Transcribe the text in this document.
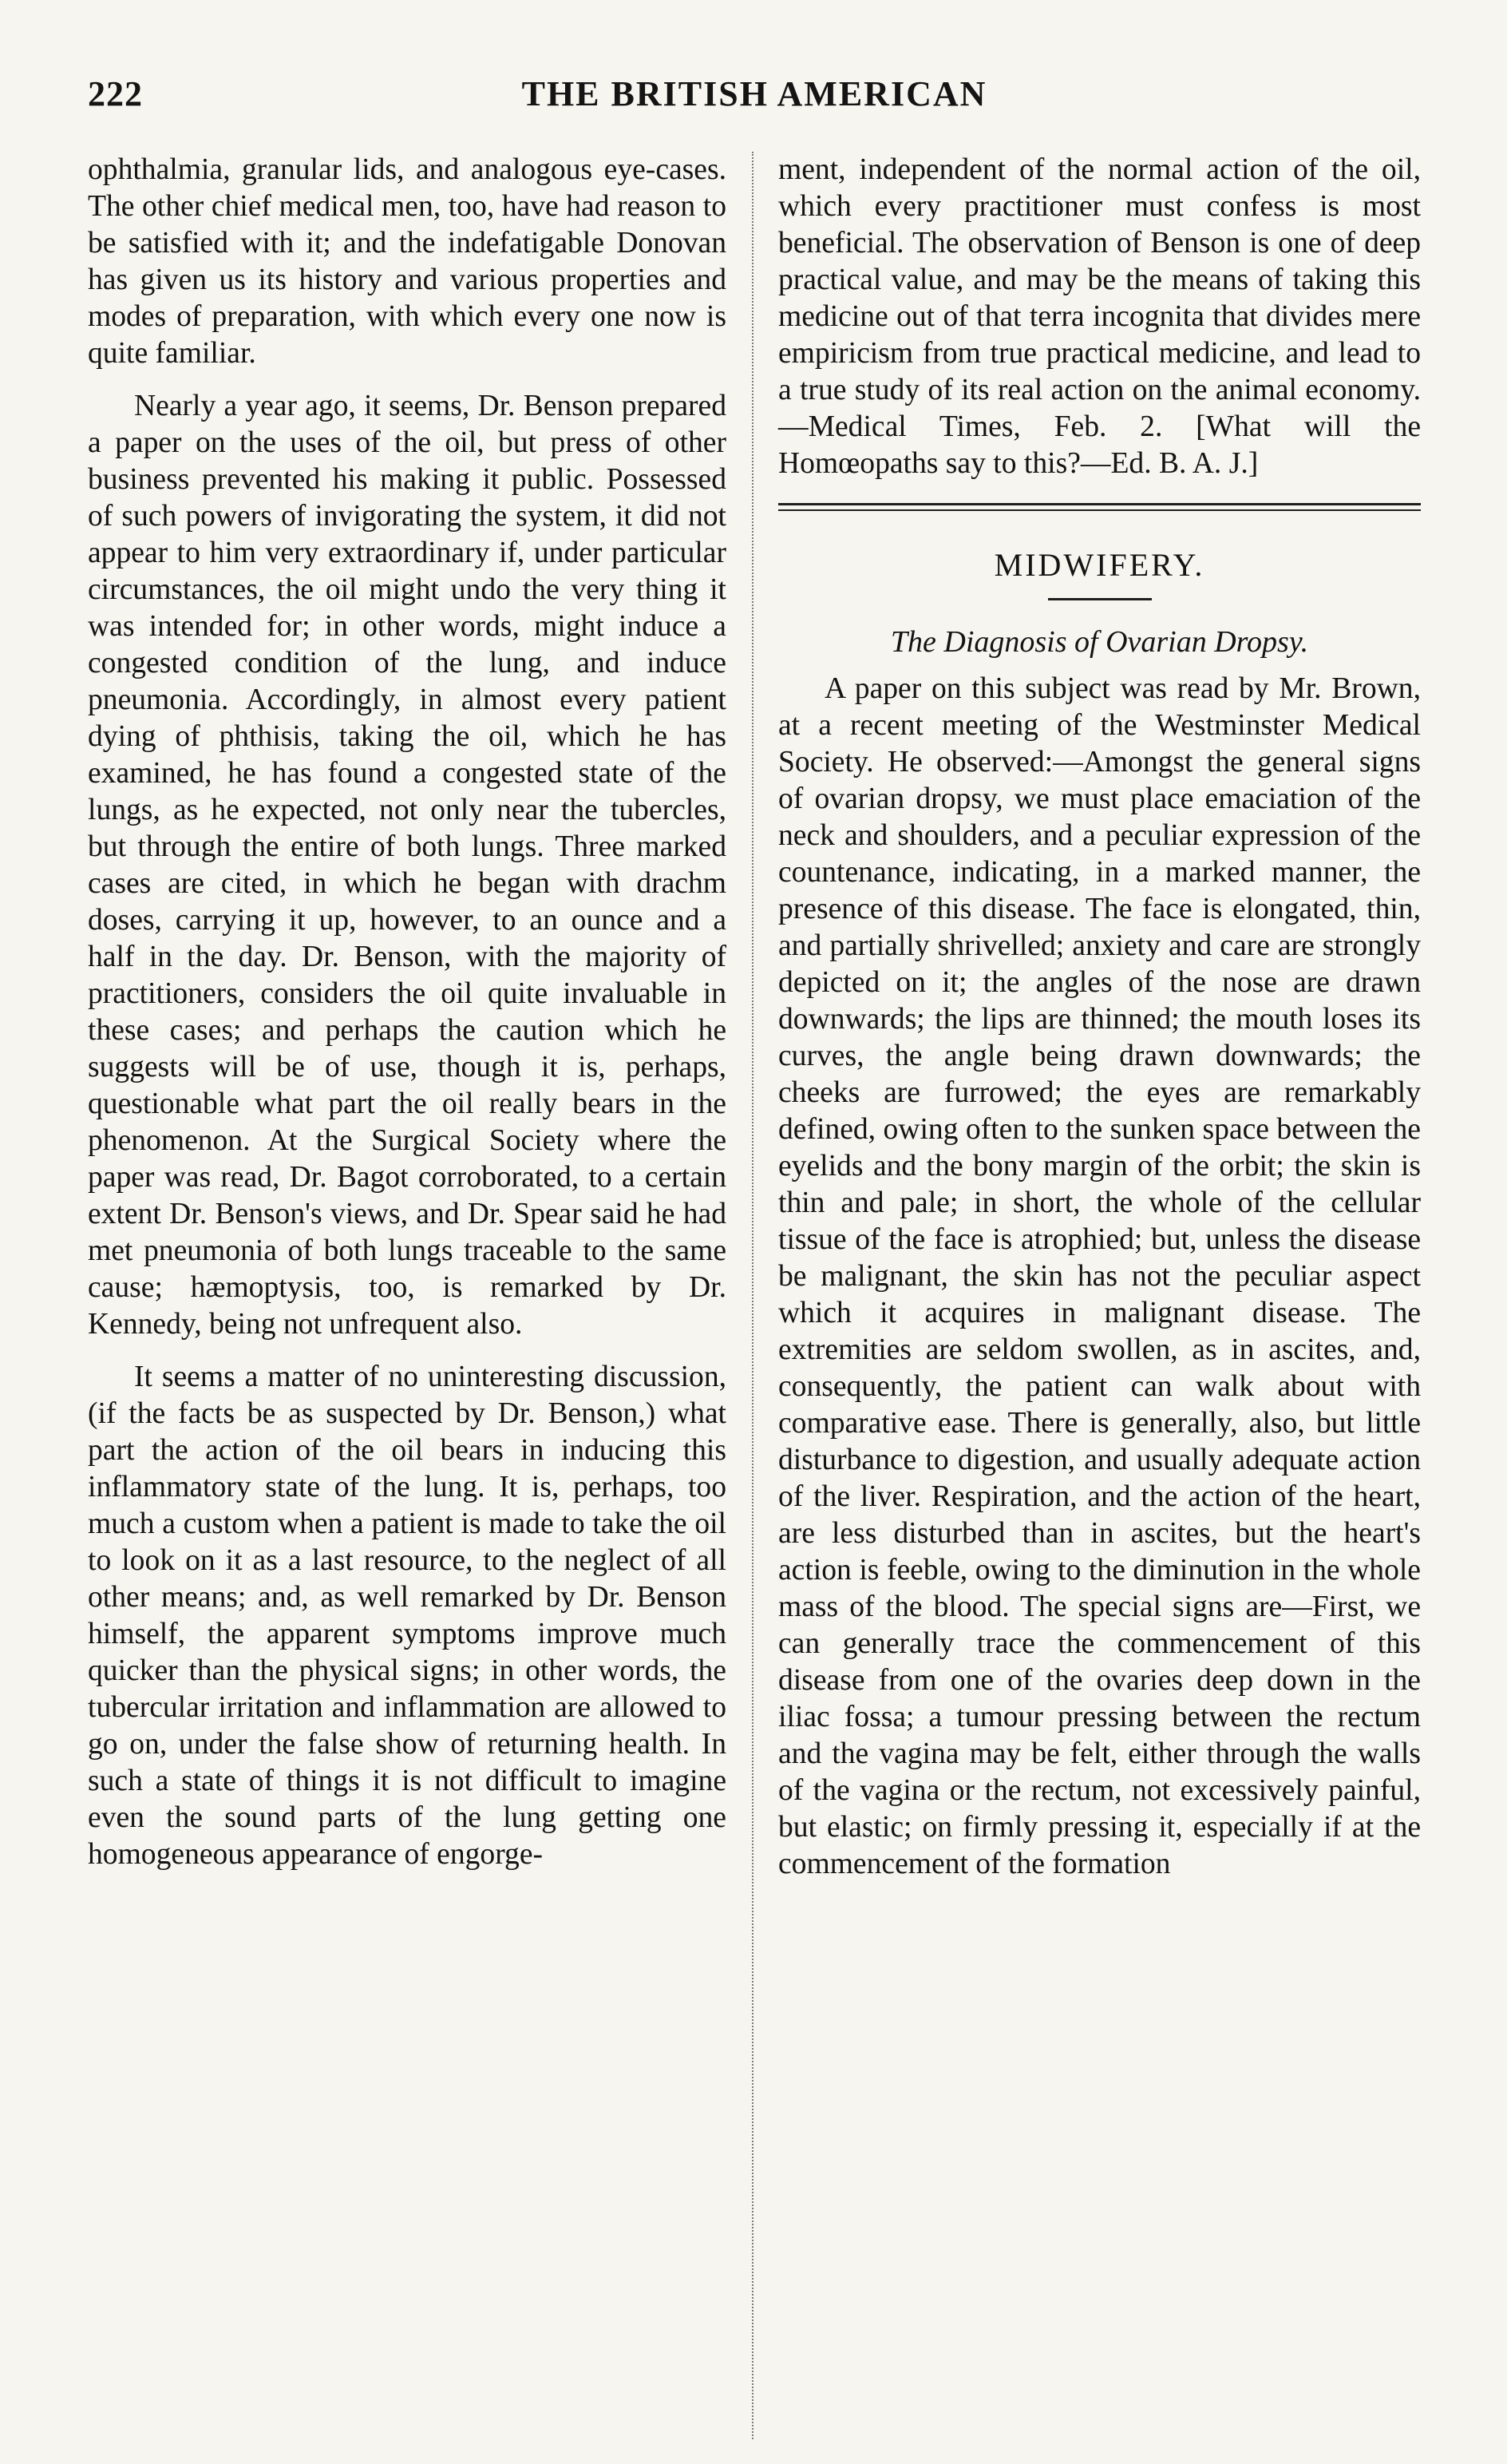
222	THE BRITISH AMERICAN

ophthalmia, granular lids, and analogous eye-cases. The other chief medical men, too, have had reason to be satisfied with it; and the indefatigable Donovan has given us its history and various properties and modes of preparation, with which every one now is quite familiar.

Nearly a year ago, it seems, Dr. Benson prepared a paper on the uses of the oil, but press of other business prevented his making it public. Possessed of such powers of invigorating the system, it did not appear to him very extraordinary if, under particular circumstances, the oil might undo the very thing it was intended for; in other words, might induce a congested condition of the lung, and induce pneumonia. Accordingly, in almost every patient dying of phthisis, taking the oil, which he has examined, he has found a congested state of the lungs, as he expected, not only near the tubercles, but through the entire of both lungs. Three marked cases are cited, in which he began with drachm doses, carrying it up, however, to an ounce and a half in the day. Dr. Benson, with the majority of practitioners, considers the oil quite invaluable in these cases; and perhaps the caution which he suggests will be of use, though it is, perhaps, questionable what part the oil really bears in the phenomenon. At the Surgical Society where the paper was read, Dr. Bagot corroborated, to a certain extent Dr. Benson's views, and Dr. Spear said he had met pneumonia of both lungs traceable to the same cause; hæmoptysis, too, is remarked by Dr. Kennedy, being not unfrequent also.

It seems a matter of no uninteresting discussion, (if the facts be as suspected by Dr. Benson,) what part the action of the oil bears in inducing this inflammatory state of the lung. It is, perhaps, too much a custom when a patient is made to take the oil to look on it as a last resource, to the neglect of all other means; and, as well remarked by Dr. Benson himself, the apparent symptoms improve much quicker than the physical signs; in other words, the tubercular irritation and inflammation are allowed to go on, under the false show of returning health. In such a state of things it is not difficult to imagine even the sound parts of the lung getting one homogeneous appearance of engorge-

ment, independent of the normal action of the oil, which every practitioner must confess is most beneficial. The observation of Benson is one of deep practical value, and may be the means of taking this medicine out of that terra incognita that divides mere empiricism from true practical medicine, and lead to a true study of its real action on the animal economy.—Medical Times, Feb. 2. [What will the Homœopaths say to this?—Ed. B. A. J.]

MIDWIFERY.
The Diagnosis of Ovarian Dropsy.

A paper on this subject was read by Mr. Brown, at a recent meeting of the Westminster Medical Society. He observed:—Amongst the general signs of ovarian dropsy, we must place emaciation of the neck and shoulders, and a peculiar expression of the countenance, indicating, in a marked manner, the presence of this disease. The face is elongated, thin, and partially shrivelled; anxiety and care are strongly depicted on it; the angles of the nose are drawn downwards; the lips are thinned; the mouth loses its curves, the angle being drawn downwards; the cheeks are furrowed; the eyes are remarkably defined, owing often to the sunken space between the eyelids and the bony margin of the orbit; the skin is thin and pale; in short, the whole of the cellular tissue of the face is atrophied; but, unless the disease be malignant, the skin has not the peculiar aspect which it acquires in malignant disease. The extremities are seldom swollen, as in ascites, and, consequently, the patient can walk about with comparative ease. There is generally, also, but little disturbance to digestion, and usually adequate action of the liver. Respiration, and the action of the heart, are less disturbed than in ascites, but the heart's action is feeble, owing to the diminution in the whole mass of the blood. The special signs are—First, we can generally trace the commencement of this disease from one of the ovaries deep down in the iliac fossa; a tumour pressing between the rectum and the vagina may be felt, either through the walls of the vagina or the rectum, not excessively painful, but elastic; on firmly pressing it, especially if at the commencement of the formation
